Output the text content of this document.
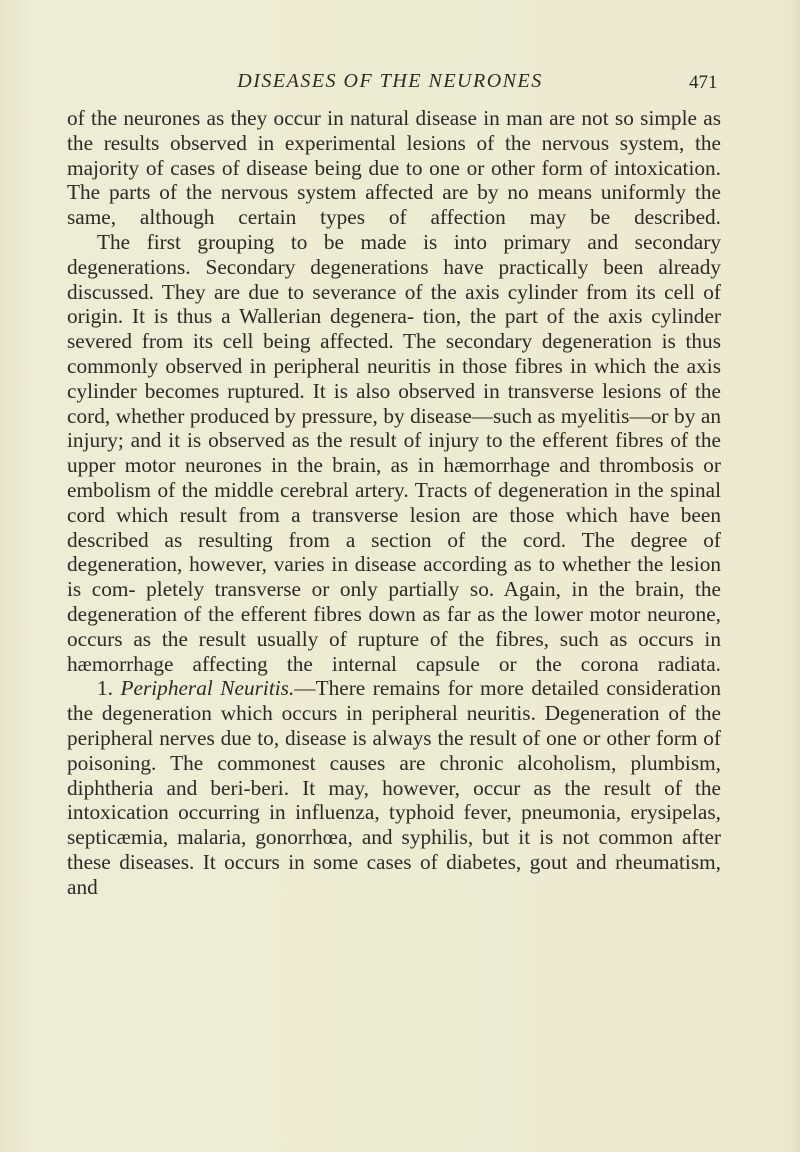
DISEASES OF THE NEURONES	471

of the neurones as they occur in natural disease in man are not so simple as the results observed in experimental lesions of the nervous system, the majority of cases of disease being due to one or other form of intoxication. The parts of the nervous system affected are by no means uniformly the same, although certain types of affection may be described.

The first grouping to be made is into primary and secondary degenerations. Secondary degenerations have practically been already discussed. They are due to severance of the axis cylinder from its cell of origin. It is thus a Wallerian degenera- tion, the part of the axis cylinder severed from its cell being affected. The secondary degeneration is thus commonly observed in peripheral neuritis in those fibres in which the axis cylinder becomes ruptured. It is also observed in transverse lesions of the cord, whether produced by pressure, by disease—such as myelitis—or by an injury; and it is observed as the result of injury to the efferent fibres of the upper motor neurones in the brain, as in hæmorrhage and thrombosis or embolism of the middle cerebral artery. Tracts of degeneration in the spinal cord which result from a transverse lesion are those which have been described as resulting from a section of the cord. The degree of degeneration, however, varies in disease according as to whether the lesion is com- pletely transverse or only partially so. Again, in the brain, the degeneration of the efferent fibres down as far as the lower motor neurone, occurs as the result usually of rupture of the fibres, such as occurs in hæmorrhage affecting the internal capsule or the corona radiata.

1. Peripheral Neuritis.—There remains for more detailed consideration the degeneration which occurs in peripheral neuritis. Degeneration of the peripheral nerves due to, disease is always the result of one or other form of poisoning. The commonest causes are chronic alcoholism, plumbism, diphtheria and beri-beri. It may, however, occur as the result of the intoxication occurring in influenza, typhoid fever, pneumonia, erysipelas, septicæmia, malaria, gonorrhœa, and syphilis, but it is not common after these diseases. It occurs in some cases of diabetes, gout and rheumatism, and
